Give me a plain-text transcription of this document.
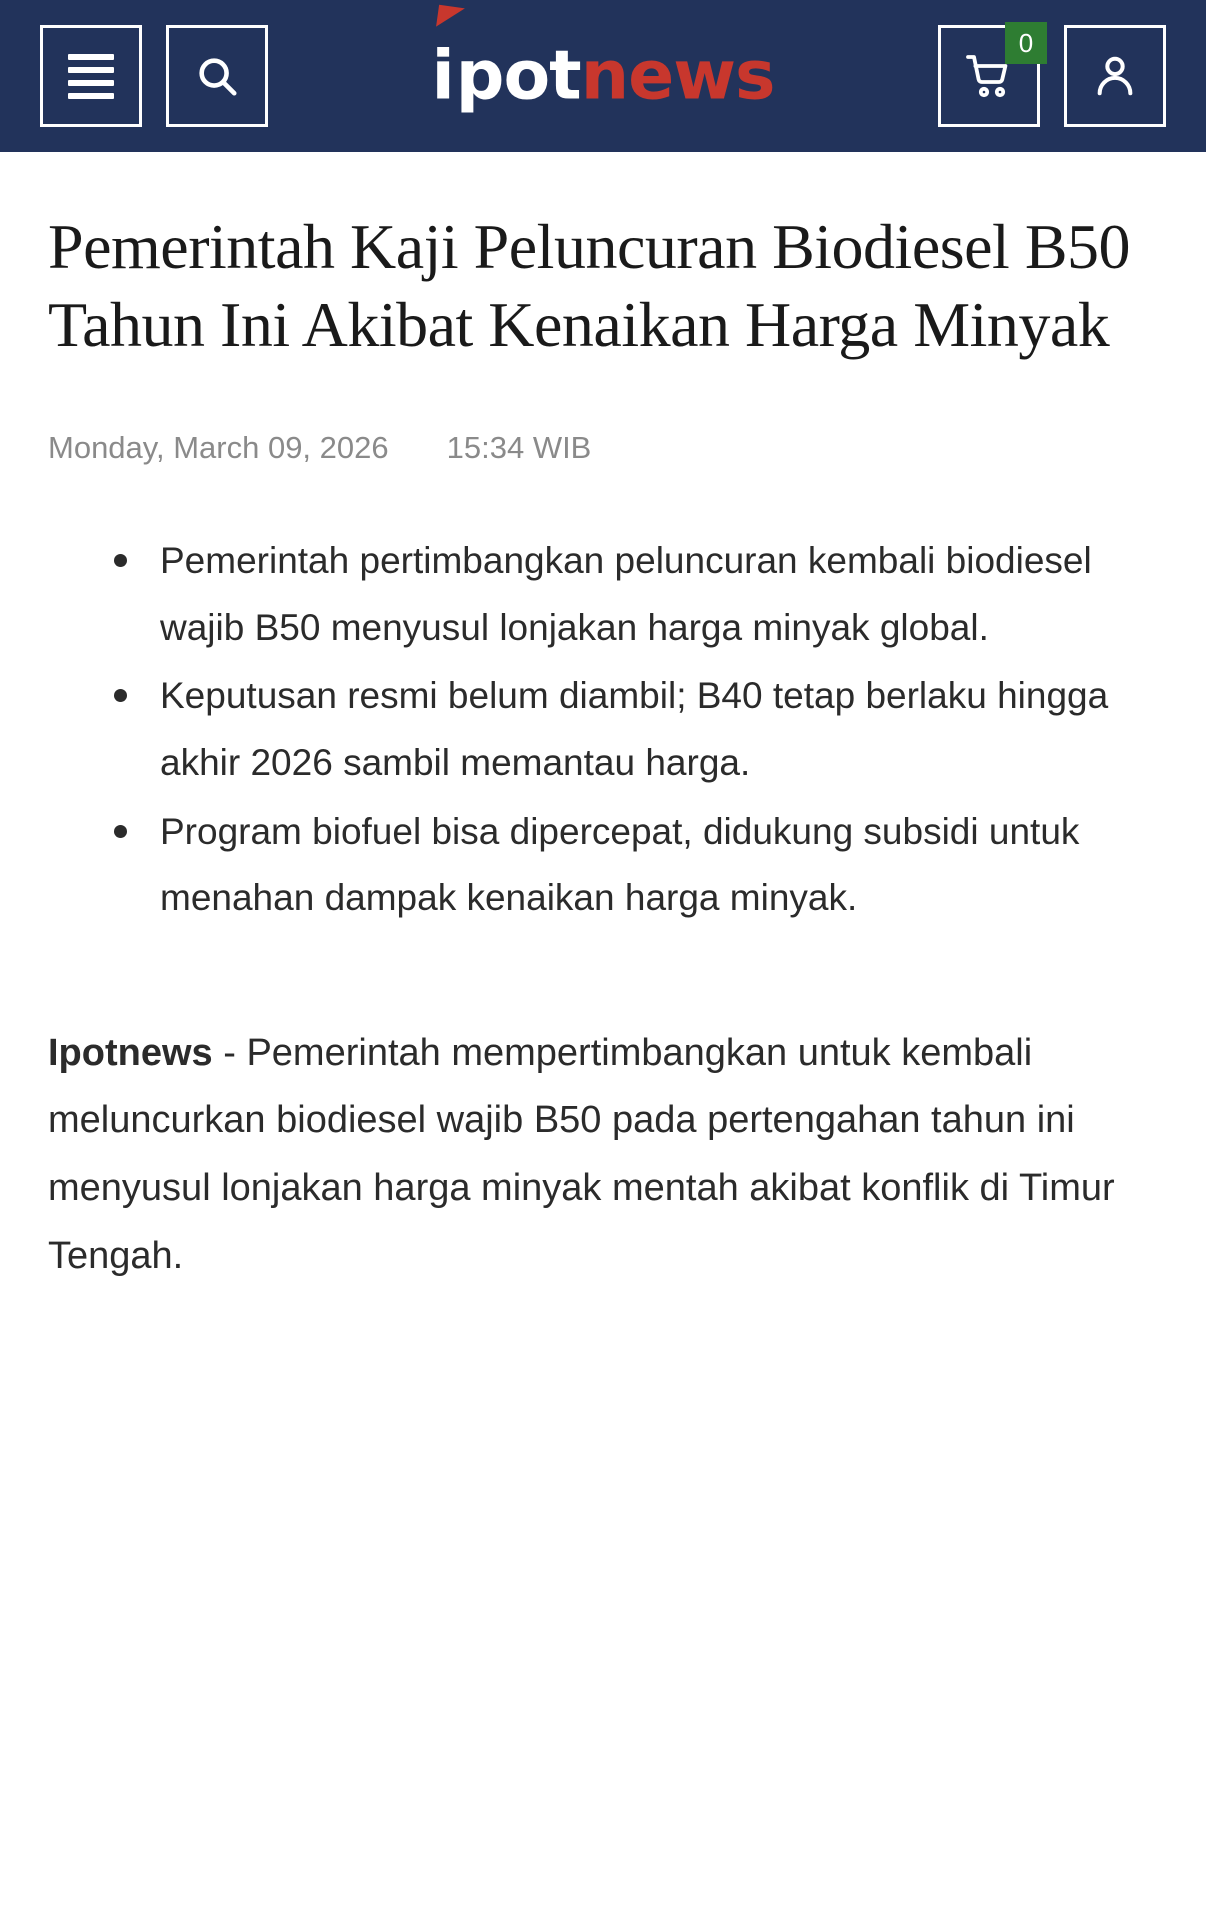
i pot news	0
Pemerintah Kaji Peluncuran Biodiesel B50 Tahun Ini Akibat Kenaikan Harga Minyak
Monday, March 09, 2026 15:34 WIB
Pemerintah pertimbangkan peluncuran kembali biodiesel wajib B50 menyusul lonjakan harga minyak global.
Keputusan resmi belum diambil; B40 tetap berlaku hingga akhir 2026 sambil memantau harga.
Program biofuel bisa dipercepat, didukung subsidi untuk menahan dampak kenaikan harga minyak.

Ipotnews - Pemerintah mempertimbangkan untuk kembali meluncurkan biodiesel wajib B50 pada pertengahan tahun ini menyusul lonjakan harga minyak mentah akibat konflik di Timur Tengah.
